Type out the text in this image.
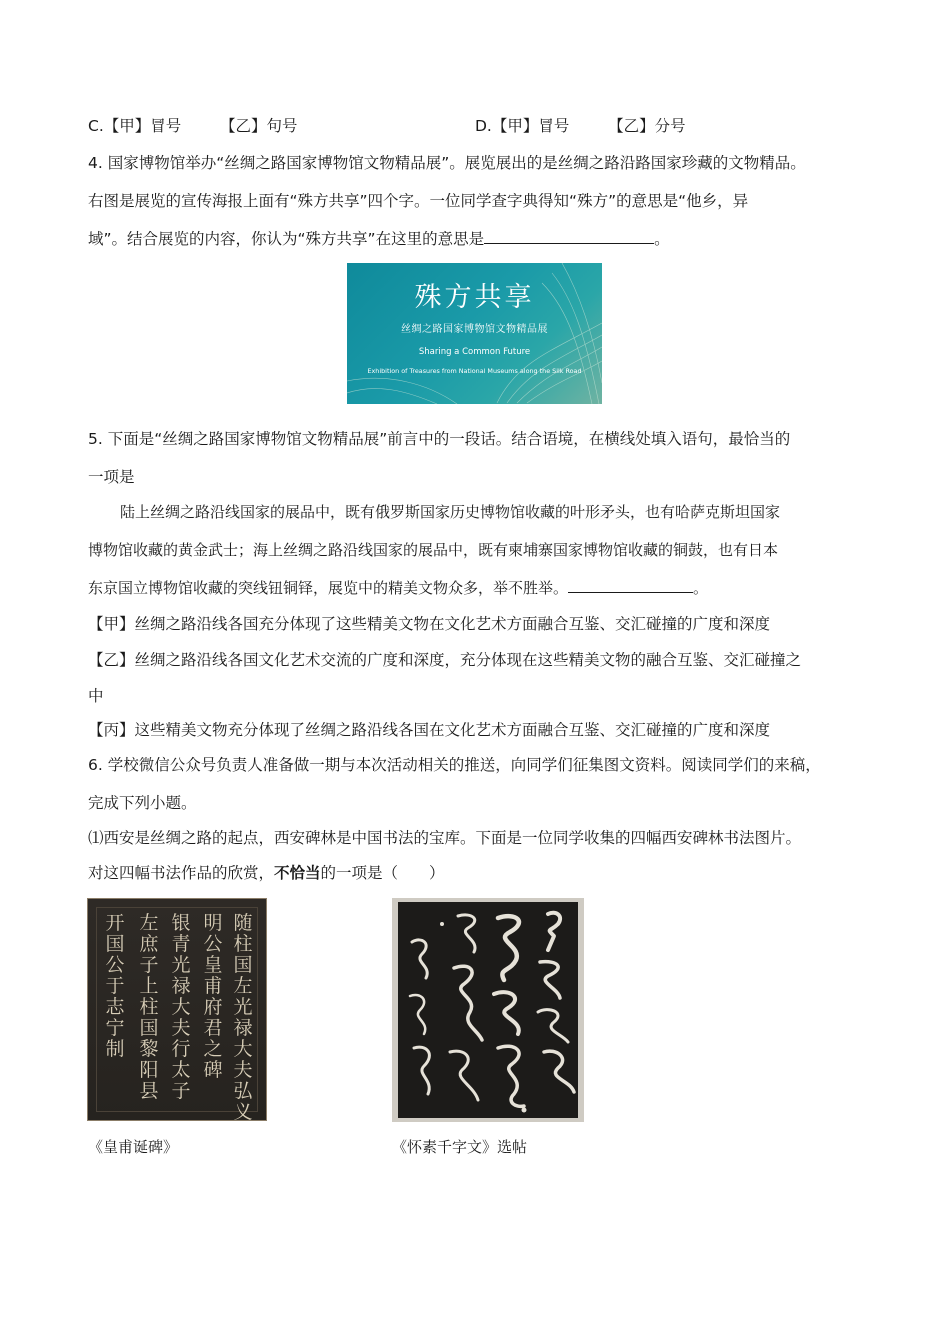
C.【甲】冒号　　　【乙】句号	D.【甲】冒号　　　【乙】分号
4. 国家博物馆举办“丝绸之路国家博物馆文物精品展”。展览展出的是丝绸之路沿路国家珍藏的文物精品。
右图是展览的宣传海报上面有“殊方共享”四个字。一位同学查字典得知“殊方”的意思是“他乡，异
域”。结合展览的内容，你认为“殊方共享”在这里的意思是	。
殊方共享
丝绸之路国家博物馆文物精品展
Sharing a Common Future
Exhibition of Treasures from National Museums along the Silk Road
5. 下面是“丝绸之路国家博物馆文物精品展”前言中的一段话。结合语境，在横线处填入语句，最恰当的
一项是
陆上丝绸之路沿线国家的展品中，既有俄罗斯国家历史博物馆收藏的叶形矛头，也有哈萨克斯坦国家
博物馆收藏的黄金武士；海上丝绸之路沿线国家的展品中，既有柬埔寨国家博物馆收藏的铜鼓，也有日本
东京国立博物馆收藏的突线钮铜铎，展览中的精美文物众多，举不胜举。	。
【甲】丝绸之路沿线各国充分体现了这些精美文物在文化艺术方面融合互鉴、交汇碰撞的广度和深度
【乙】丝绸之路沿线各国文化艺术交流的广度和深度，充分体现在这些精美文物的融合互鉴、交汇碰撞之
中
【丙】这些精美文物充分体现了丝绸之路沿线各国在文化艺术方面融合互鉴、交汇碰撞的广度和深度
6. 学校微信公众号负责人准备做一期与本次活动相关的推送，向同学们征集图文资料。阅读同学们的来稿，
完成下列小题。
⑴西安是丝绸之路的起点，西安碑林是中国书法的宝库。下面是一位同学收集的四幅西安碑林书法图片。
对这四幅书法作品的欣赏，不恰当的一项是（　　）
随柱国左光禄大夫弘义
明公皇甫府君之碑
银青光禄大夫行太子
左庶子上柱国黎阳县
开国公于志宁制
《皇甫诞碑》	《怀素千字文》选帖
